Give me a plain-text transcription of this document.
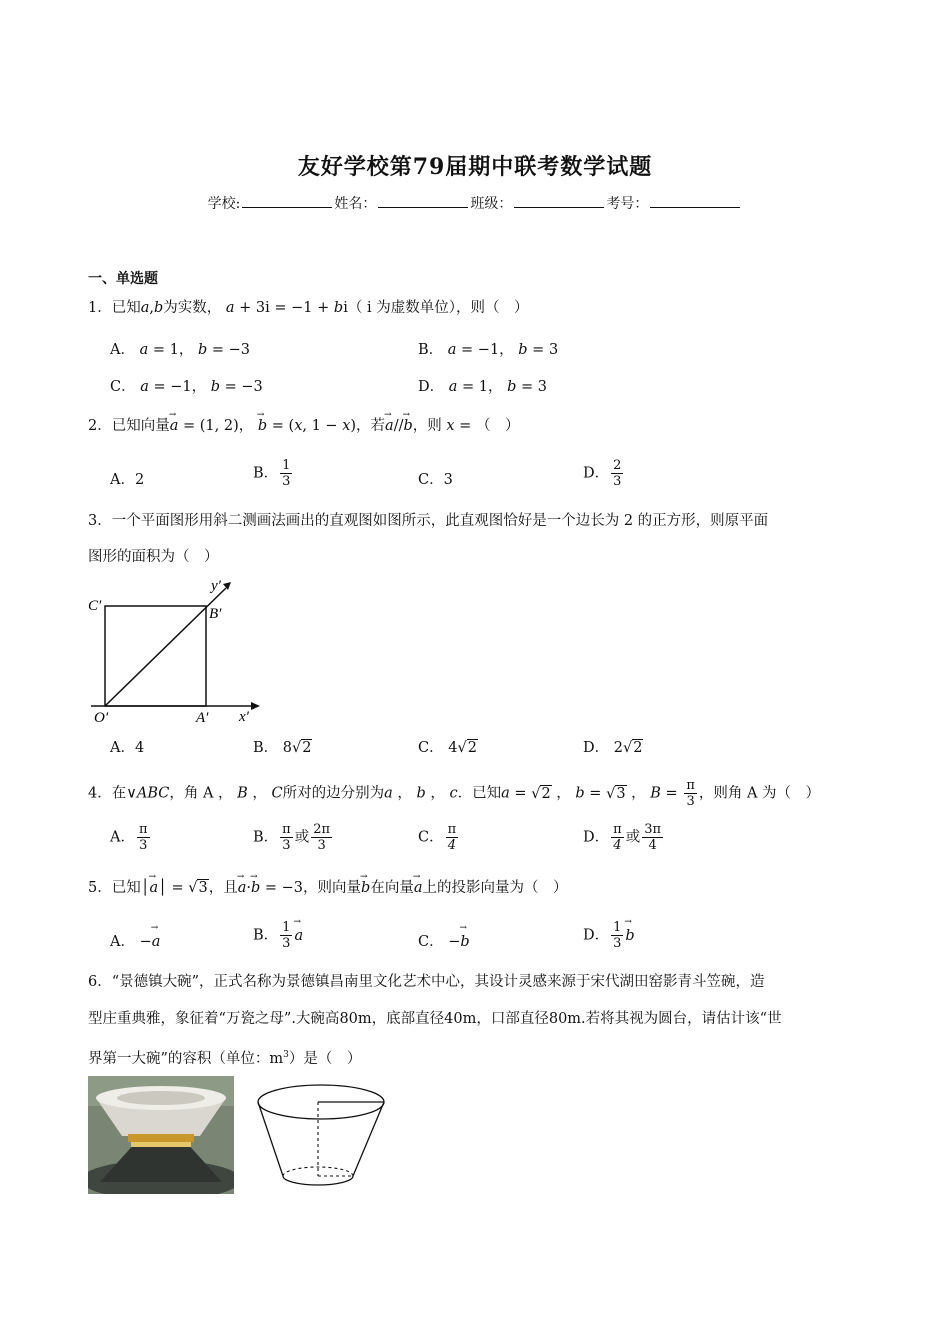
友好学校第79届期中联考数学试题
学校:	姓名：	班级：	考号：
一、单选题
1．已知a,b为实数， a + 3i = −1 + bi（ i 为虚数单位），则（　）
A． a = 1， b = −3	B． a = −1， b = 3
C． a = −1， b = −3	D． a = 1， b = 3
2．已知向量→ a = (1, 2)， → b = (x, 1 − x)，若→ a//→ b，则 x = （　）
A．2	B． $\frac{1}{3}$	C．3	D． $\frac{2}{3}$
3．一个平面图形用斜二测画法画出的直观图如图所示，此直观图恰好是一个边长为 2 的正方形，则原平面
图形的面积为（　）
C′	B′
O′	A′ x′
y′
A．4	B． 8√2	C． 4√2	D． 2√2
4．在∨ABC，角 A ， B ， C所对的边分别为a ， b ， c．已知a = √2 ， b = √3 ， $B = \frac{\pi}{3}$ ，则角 A 为（　）
A． $\frac{\pi}{3}$	B． $\frac{\pi}{3}$ 或 $\frac{2\pi}{3}$	C． $\frac{\pi}{4}$	D． $\frac{\pi}{4}$ 或 $\frac{3\pi}{4}$
5．已知│→ a│ = √3，且→ a·→ b = −3，则向量→ b在向量→ a上的投影向量为（　）
A． −→ a	B． $\frac{1}{3}$
→ a	C． −→ b	D． $\frac{1}{3}$
→ b
6．“景德镇大碗”，正式名称为景德镇昌南里文化艺术中心，其设计灵感来源于宋代湖田窑影青斗笠碗，造
型庄重典雅，象征着“万瓷之母”.大碗高80m，底部直径40m，口部直径80m.若将其视为圆台，请估计该“世
界第一大碗”的容积（单位：$m^3$）是（　）
